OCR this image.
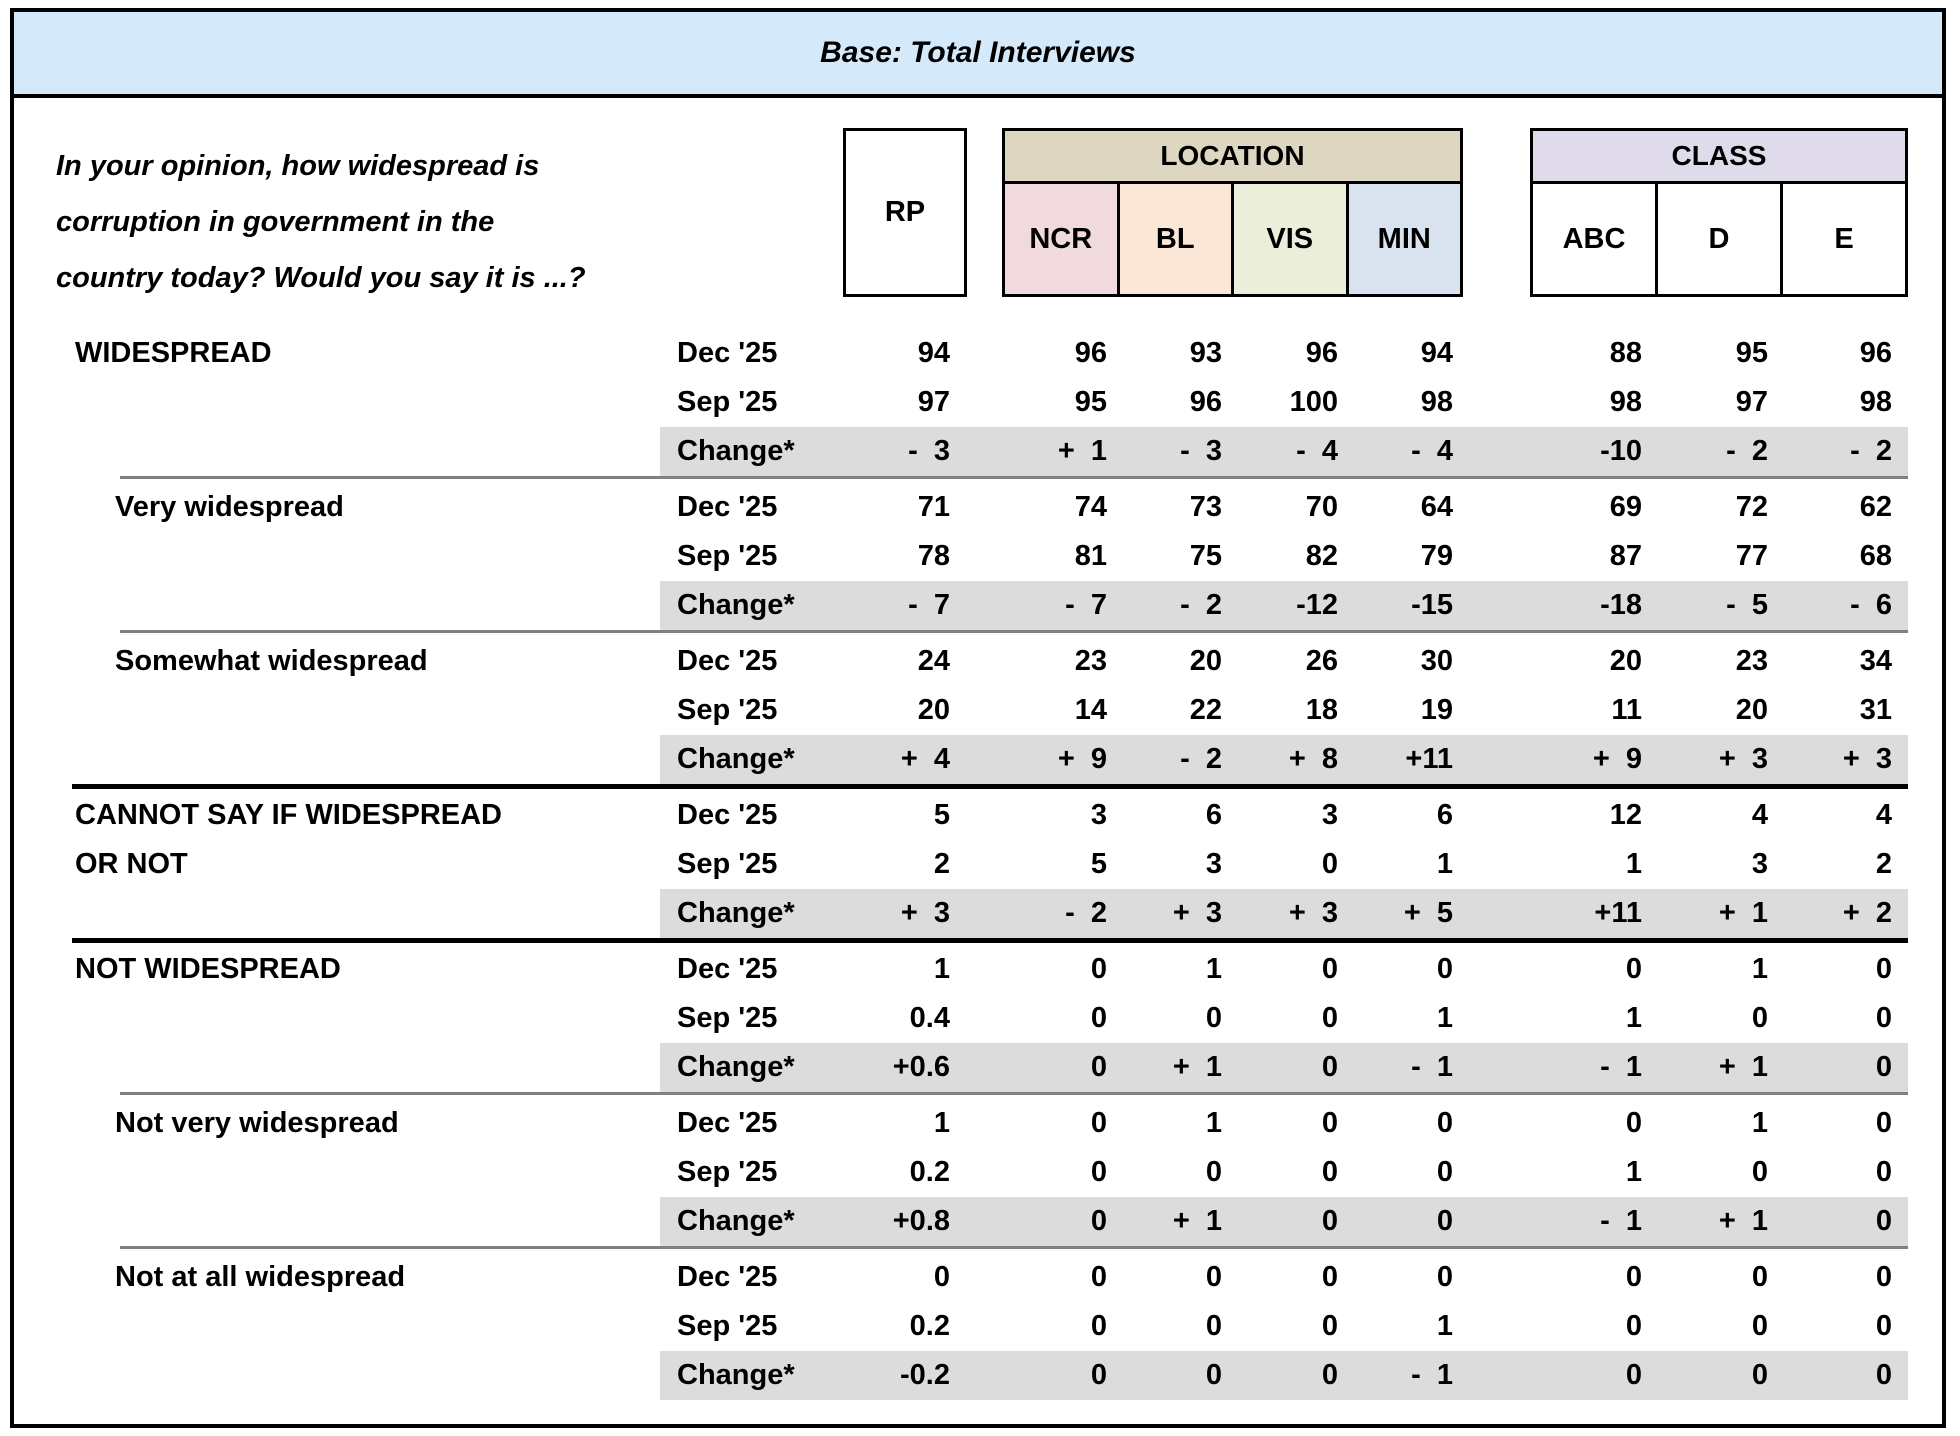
Base: Total Interviews
In your opinion, how widespread is
corruption in government in the
country today? Would you say it is ...?
RP
LOCATION
NCR	BL	VIS	MIN
CLASS
ABC	D	E
WIDESPREAD	Dec '25	94	96	93	96	94	88	95	96
Sep '25	97	95	96	100	98	98	97	98
Change*	-  3	+  1	-  3	-  4	-  4	-10	-  2	-  2
Very widespread	Dec '25	71	74	73	70	64	69	72	62
Sep '25	78	81	75	82	79	87	77	68
Change*	-  7	-  7	-  2	-12	-15	-18	-  5	-  6
Somewhat widespread	Dec '25	24	23	20	26	30	20	23	34
Sep '25	20	14	22	18	19	11	20	31
Change*	+  4	+  9	-  2	+  8	+11	+  9	+  3	+  3
CANNOT SAY IF WIDESPREAD
OR NOT
Dec '25	5	3	6	3	6	12	4	4
Sep '25	2	5	3	0	1	1	3	2
Change*	+  3	-  2	+  3	+  3	+  5	+11	+  1	+  2
NOT WIDESPREAD	Dec '25	1	0	1	0	0	0	1	0
Sep '25	0.4	0	0	0	1	1	0	0
Change*	+0.6	0	+  1	0	-  1	-  1	+  1	0
Not very widespread	Dec '25	1	0	1	0	0	0	1	0
Sep '25	0.2	0	0	0	0	1	0	0
Change*	+0.8	0	+  1	0	0	-  1	+  1	0
Not at all widespread	Dec '25	0	0	0	0	0	0	0	0
Sep '25	0.2	0	0	0	1	0	0	0
Change*	-0.2	0	0	0	-  1	0	0	0
